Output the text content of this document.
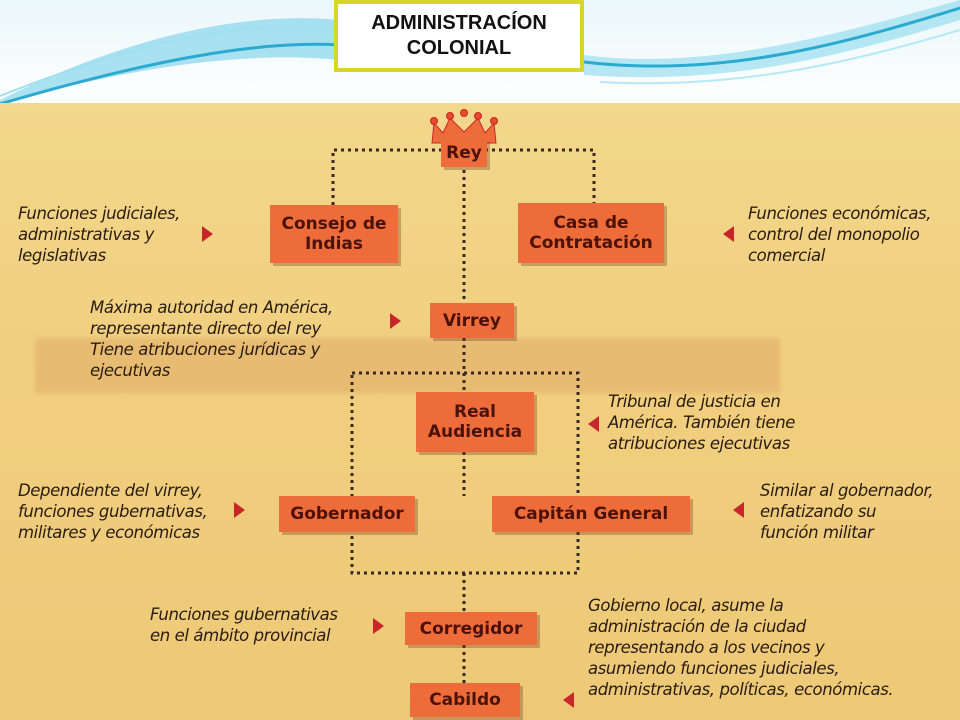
ADMINISTRACÍON
COLONIAL
Rey
Consejo de
Indias
Casa de
Contratación
Virrey
Real
Audiencia
Gobernador	Capitán General
Corregidor
Cabildo
Funciones judiciales,
administrativas y
legislativas
Funciones económicas,
control del monopolio
comercial
Máxima autoridad en América,
representante directo del rey
Tiene atribuciones jurídicas y
ejecutivas
Tribunal de justicia en
América. También tiene
atribuciones ejecutivas
Dependiente del virrey,
funciones gubernativas,
militares y económicas
Similar al gobernador,
enfatizando su
función militar
Funciones gubernativas
en el ámbito provincial
Gobierno local, asume la
administración de la ciudad
representando a los vecinos y
asumiendo funciones judiciales,
administrativas, políticas, económicas.
